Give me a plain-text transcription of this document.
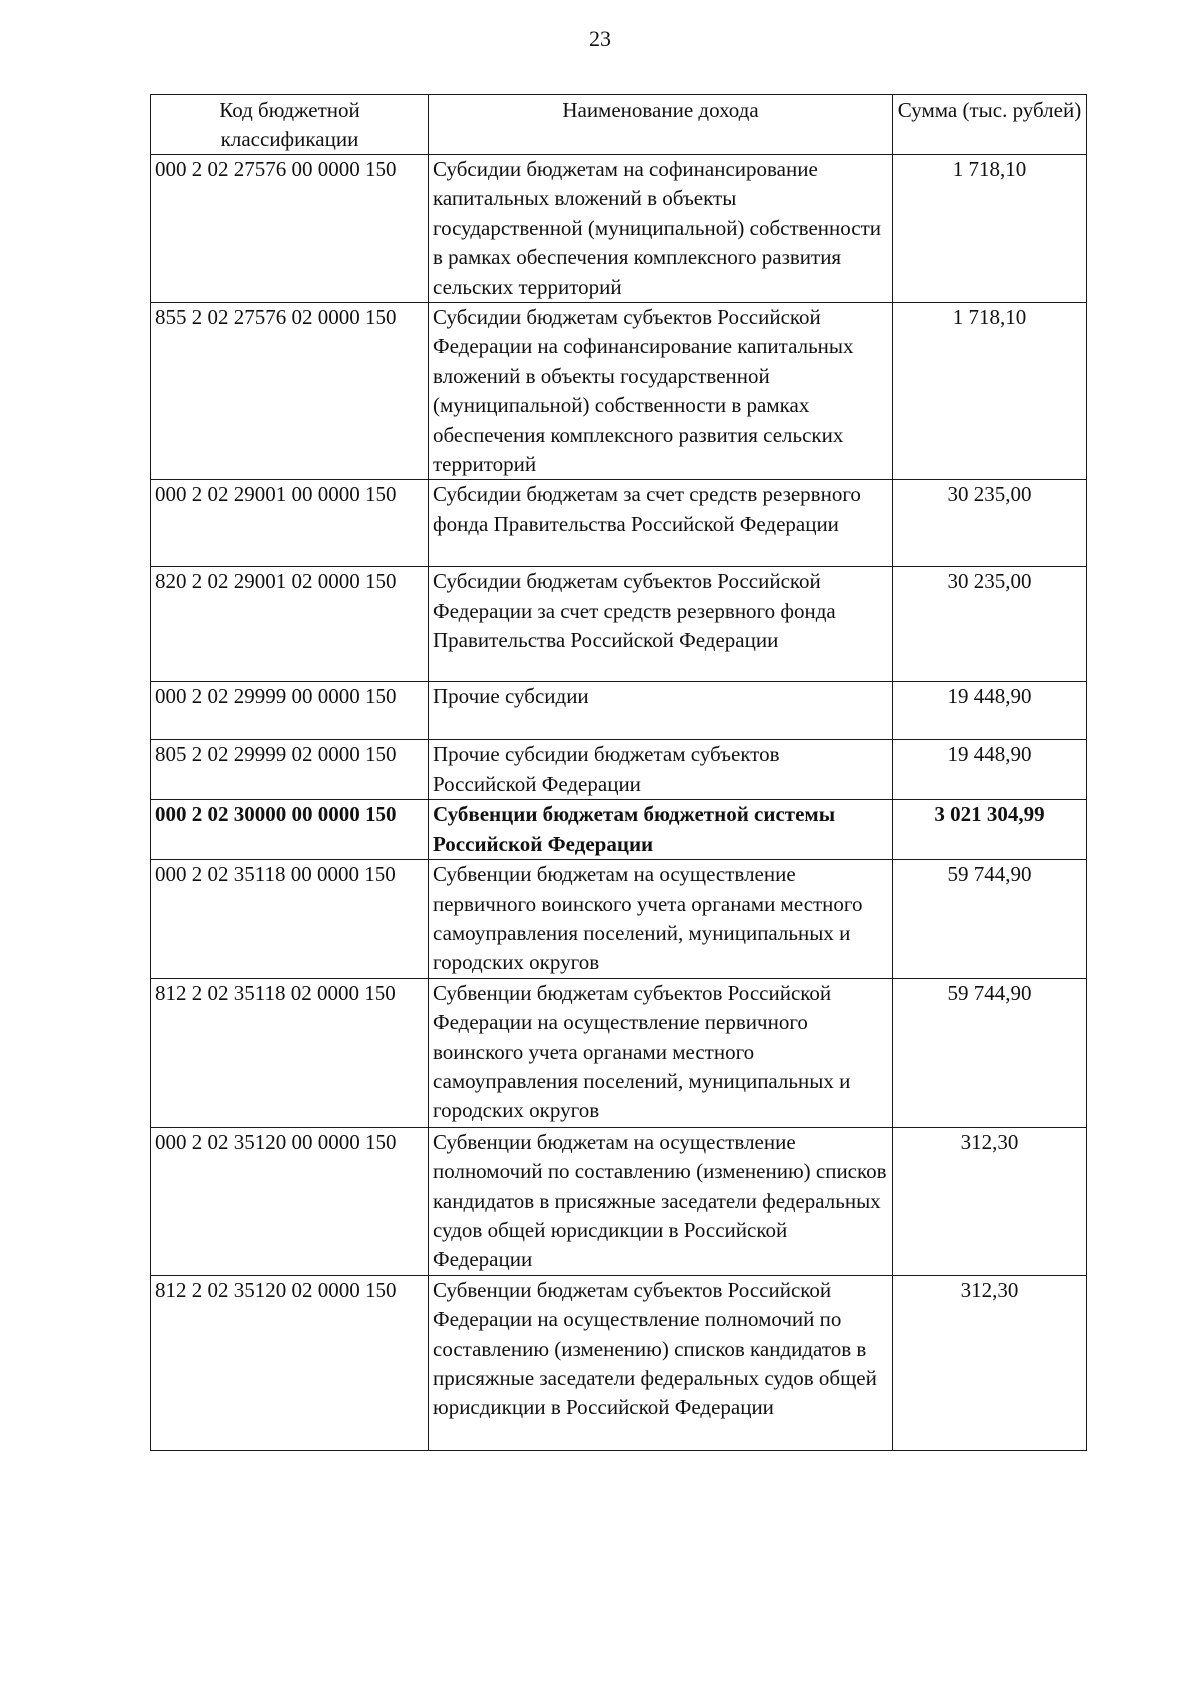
23
Код бюджетной классификации	Наименование дохода	Сумма (тыс. рублей)
000 2 02 27576 00 0000 150	Субсидии бюджетам на софинансирование капитальных вложений в объекты государственной (муниципальной) собственности в рамках обеспечения комплексного развития сельских территорий	1 718,10
855 2 02 27576 02 0000 150	Субсидии бюджетам субъектов Российской Федерации на софинансирование капитальных вложений в объекты государственной (муниципальной) собственности в рамках обеспечения комплексного развития сельских территорий	1 718,10
000 2 02 29001 00 0000 150	Субсидии бюджетам за счет средств резервного фонда Правительства Российской Федерации	30 235,00
820 2 02 29001 02 0000 150	Субсидии бюджетам субъектов Российской Федерации за счет средств резервного фонда Правительства Российской Федерации	30 235,00
000 2 02 29999 00 0000 150	Прочие субсидии	19 448,90
805 2 02 29999 02 0000 150	Прочие субсидии бюджетам субъектов Российской Федерации	19 448,90
000 2 02 30000 00 0000 150	Субвенции бюджетам бюджетной системы Российской Федерации	3 021 304,99
000 2 02 35118 00 0000 150	Субвенции бюджетам на осуществление первичного воинского учета органами местного самоуправления поселений, муниципальных и городских округов	59 744,90
812 2 02 35118 02 0000 150	Субвенции бюджетам субъектов Российской Федерации на осуществление первичного воинского учета органами местного самоуправления поселений, муниципальных и городских округов	59 744,90
000 2 02 35120 00 0000 150	Субвенции бюджетам на осуществление полномочий по составлению (изменению) списков кандидатов в присяжные заседатели федеральных судов общей юрисдикции в Российской Федерации	312,30
812 2 02 35120 02 0000 150	Субвенции бюджетам субъектов Российской Федерации на осуществление полномочий по составлению (изменению) списков кандидатов в присяжные заседатели федеральных судов общей юрисдикции в Российской Федерации	312,30
